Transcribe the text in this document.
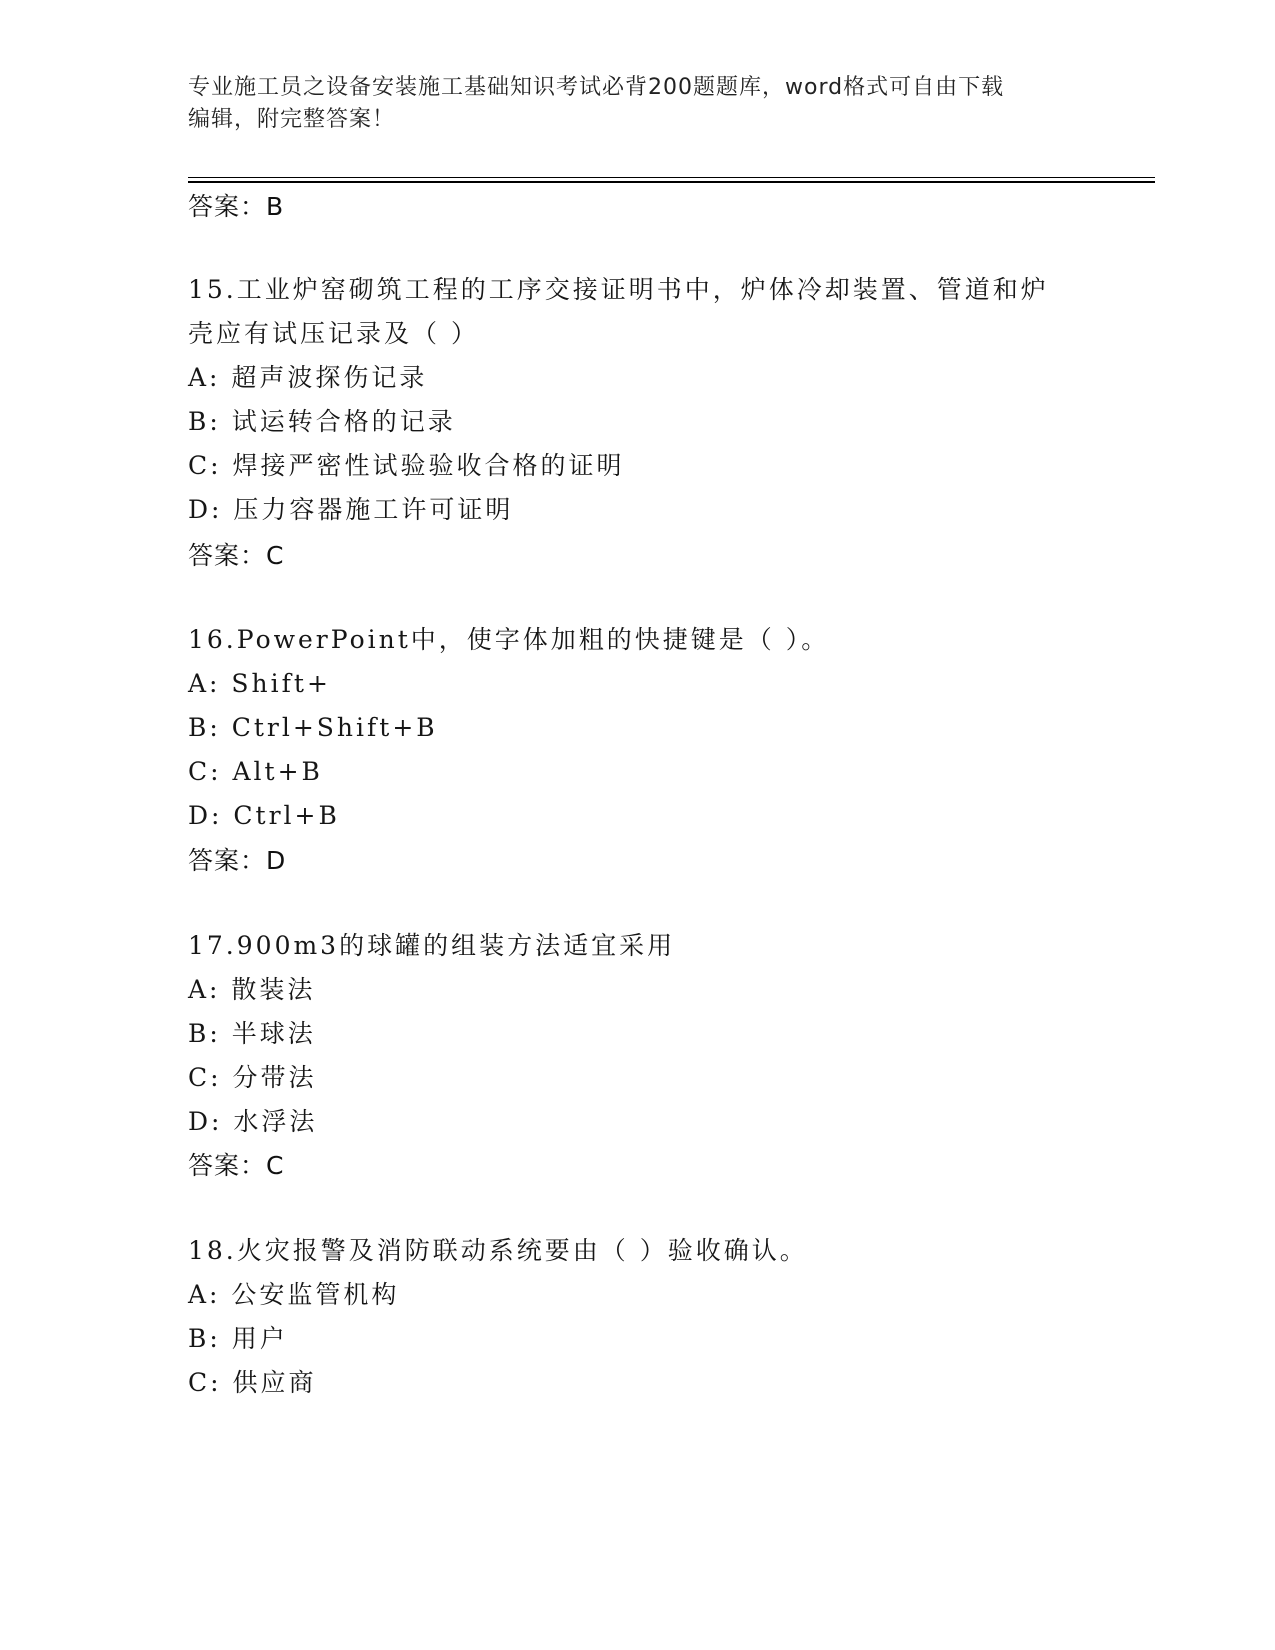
专业施工员之设备安装施工基础知识考试必背200题题库，word格式可自由下载
编辑，附完整答案！
答案：B
15.工业炉窑砌筑工程的工序交接证明书中，炉体冷却装置、管道和炉
壳应有试压记录及（ ）
A: 超声波探伤记录
B: 试运转合格的记录
C: 焊接严密性试验验收合格的证明
D: 压力容器施工许可证明
答案：C
16.PowerPoint中，使字体加粗的快捷键是（ ）。
A: Shift+
B: Ctrl+Shift+B
C: Alt+B
D: Ctrl+B
答案：D
17.900m3的球罐的组装方法适宜采用
A: 散装法
B: 半球法
C: 分带法
D: 水浮法
答案：C
18.火灾报警及消防联动系统要由（ ）验收确认。
A: 公安监管机构
B: 用户
C: 供应商
